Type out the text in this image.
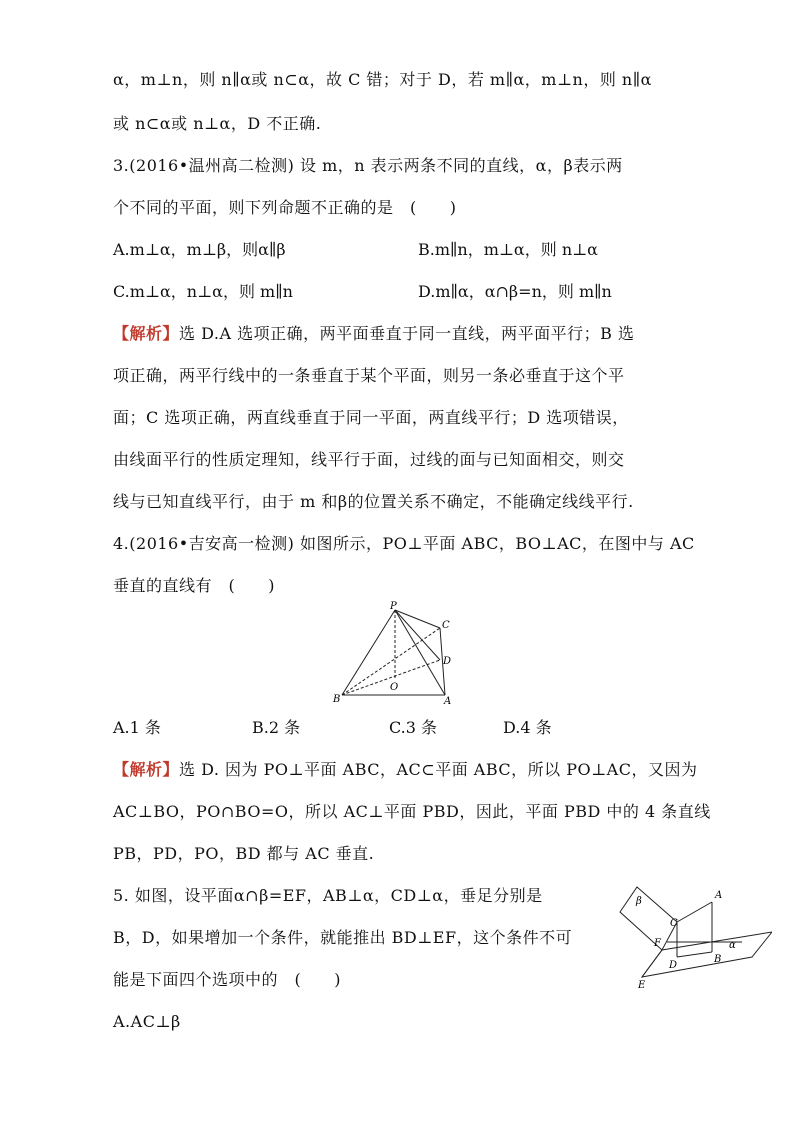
α，m⊥n，则 n∥α或 n⊂α，故 C 错；对于 D，若 m∥α，m⊥n，则 n∥α
或 n⊂α或 n⊥α，D 不正确.
3.(2016•温州高二检测) 设 m，n 表示两条不同的直线，α，β表示两
个不同的平面，则下列命题不正确的是　(　　)
A.m⊥α，m⊥β，则α∥β	B.m∥n，m⊥α，则 n⊥α
C.m⊥α，n⊥α，则 m∥n	D.m∥α，α∩β=n，则 m∥n
【解析】选 D.A 选项正确，两平面垂直于同一直线，两平面平行；B 选
项正确，两平行线中的一条垂直于某个平面，则另一条必垂直于这个平
面；C 选项正确，两直线垂直于同一平面，两直线平行；D 选项错误，
由线面平行的性质定理知，线平行于面，过线的面与已知面相交，则交
线与已知直线平行，由于 m 和β的位置关系不确定，不能确定线线平行.
4.(2016•吉安高一检测) 如图所示，PO⊥平面 ABC，BO⊥AC，在图中与 AC
垂直的直线有　(　　)
P
C
D
O
B	A
A.1 条	B.2 条	C.3 条	D.4 条
【解析】选 D. 因为 PO⊥平面 ABC，AC⊂平面 ABC，所以 PO⊥AC，又因为
AC⊥BO，PO∩BO=O，所以 AC⊥平面 PBD，因此，平面 PBD 中的 4 条直线
PB，PD，PO，BD 都与 AC 垂直.
5. 如图，设平面α∩β=EF，AB⊥α，CD⊥α，垂足分别是
B，D，如果增加一个条件，就能推出 BD⊥EF，这个条件不可
能是下面四个选项中的　(　　)
A.AC⊥β
A
β
C
F	α
D
B
E
